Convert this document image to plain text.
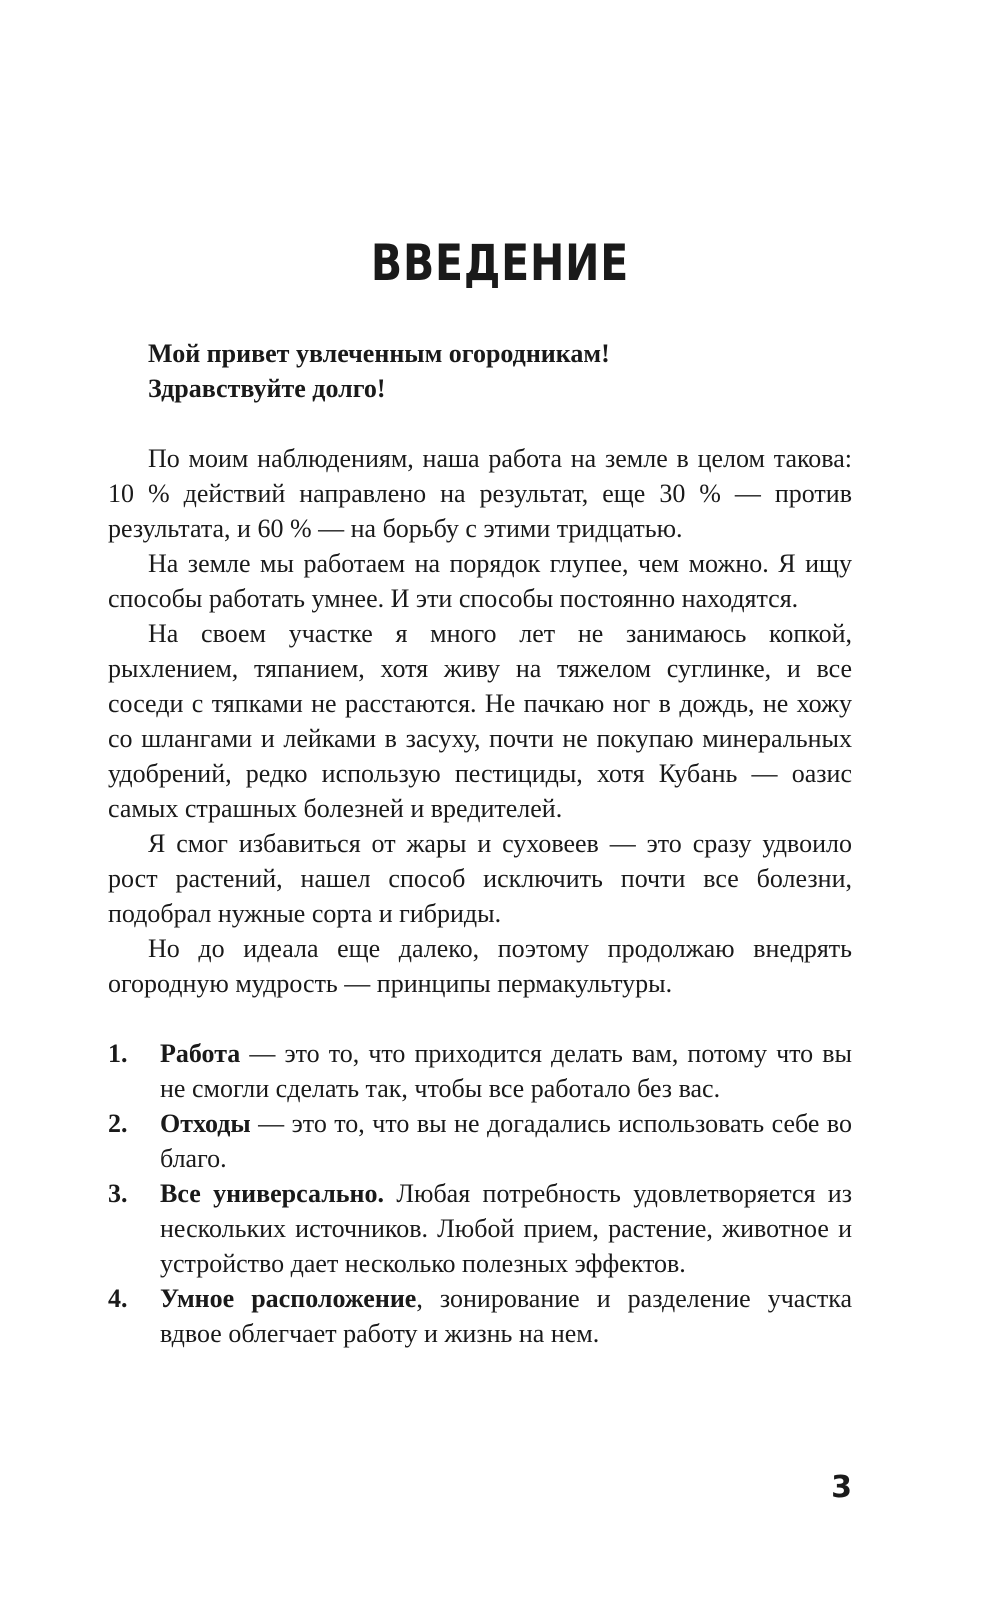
ВВЕДЕНИЕ
Мой привет увлеченным огородникам!
Здравствуйте долго!

По моим наблюдениям, наша работа на земле в целом такова: 10 % действий направлено на результат, еще 30 % — против результата, и 60 % — на борьбу с этими тридцатью.

На земле мы работаем на порядок глупее, чем можно. Я ищу способы работать умнее. И эти способы постоянно находятся.

На своем участке я много лет не занимаюсь копкой, рыхлением, тяпанием, хотя живу на тяжелом суглинке, и все соседи с тяпками не расстаются. Не пачкаю ног в дождь, не хожу со шлангами и лейками в засуху, почти не покупаю минеральных удобрений, редко использую пестициды, хотя Кубань — оазис самых страшных болезней и вредителей.

Я смог избавиться от жары и суховеев — это сразу удвоило рост растений, нашел способ исключить почти все болезни, подобрал нужные сорта и гибриды.

Но до идеала еще далеко, поэтому продолжаю внедрять огородную мудрость — принципы пермакультуры.

1.	Работа — это то, что приходится делать вам, потому что вы не смогли сделать так, чтобы все работало без вас.
2.	Отходы — это то, что вы не догадались использовать себе во благо.
3.	Все универсально. Любая потребность удовлетворяется из нескольких источников. Любой прием, растение, животное и устройство дает несколько полезных эффектов.
4.	Умное расположение, зонирование и разделение участка вдвое облегчает работу и жизнь на нем.
3
